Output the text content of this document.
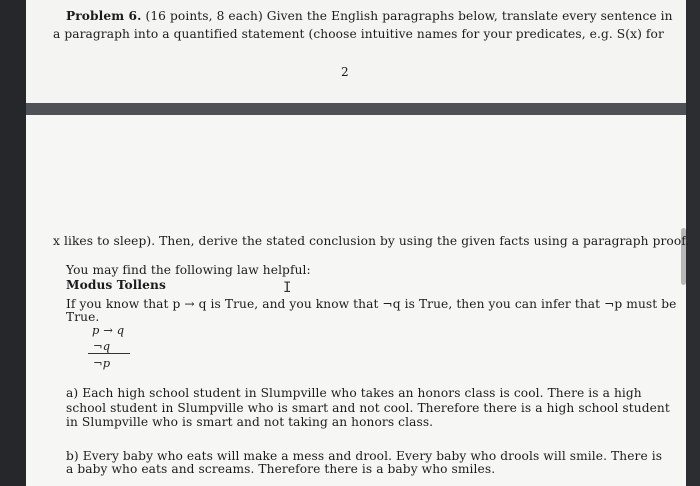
Problem 6. (16 points, 8 each) Given the English paragraphs below, translate every sentence in
a paragraph into a quantified statement (choose intuitive names for your predicates, e.g. S(x) for
2
x likes to sleep). Then, derive the stated conclusion by using the given facts using a paragraph proof.
You may find the following law helpful:
Modus Tollens	I
If you know that p → q is True, and you know that ¬q is True, then you can infer that ¬p must be
True.
p → q
¬q
¬p
a) Each high school student in Slumpville who takes an honors class is cool. There is a high
school student in Slumpville who is smart and not cool. Therefore there is a high school student
in Slumpville who is smart and not taking an honors class.
b) Every baby who eats will make a mess and drool. Every baby who drools will smile. There is
a baby who eats and screams. Therefore there is a baby who smiles.
